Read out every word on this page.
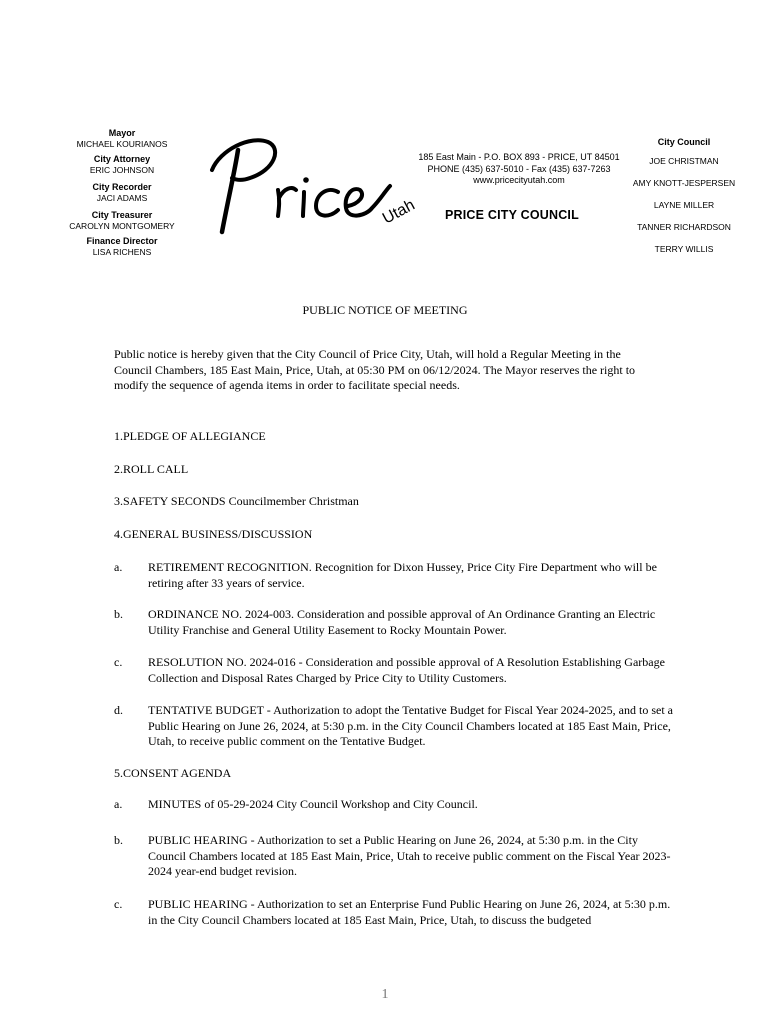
Mayor
MICHAEL KOURIANOS
City Attorney
ERIC JOHNSON
City Recorder
JACI ADAMS
City Treasurer
CAROLYN MONTGOMERY
Finance Director
LISA RICHENS
Utah
185 East Main - P.O. BOX 893 - PRICE, UT 84501
PHONE (435) 637-5010 - Fax (435) 637-7263
www.pricecityutah.com
PRICE CITY COUNCIL
City Council
JOE CHRISTMAN
AMY KNOTT-JESPERSEN
LAYNE MILLER
TANNER RICHARDSON
TERRY WILLIS
PUBLIC NOTICE OF MEETING
Public notice is hereby given that the City Council of Price City, Utah, will hold a Regular Meeting in the Council Chambers, 185 East Main, Price, Utah, at 05:30 PM on 06/12/2024. The Mayor reserves the right to modify the sequence of agenda items in order to facilitate special needs.
1.PLEDGE OF ALLEGIANCE
2.ROLL CALL
3.SAFETY SECONDS Councilmember Christman
4.GENERAL BUSINESS/DISCUSSION
a. RETIREMENT RECOGNITION. Recognition for Dixon Hussey, Price City Fire Department who will be retiring after 33 years of service.
b. ORDINANCE NO. 2024-003. Consideration and possible approval of An Ordinance Granting an Electric Utility Franchise and General Utility Easement to Rocky Mountain Power.
c. RESOLUTION NO. 2024-016 - Consideration and possible approval of A Resolution Establishing Garbage Collection and Disposal Rates Charged by Price City to Utility Customers.
d. TENTATIVE BUDGET - Authorization to adopt the Tentative Budget for Fiscal Year 2024-2025, and to set a Public Hearing on June 26, 2024, at 5:30 p.m. in the City Council Chambers located at 185 East Main, Price, Utah, to receive public comment on the Tentative Budget.
5.CONSENT AGENDA
a. MINUTES of 05-29-2024 City Council Workshop and City Council.
b. PUBLIC HEARING - Authorization to set a Public Hearing on June 26, 2024, at 5:30 p.m. in the City Council Chambers located at 185 East Main, Price, Utah to receive public comment on the Fiscal Year 2023-2024 year-end budget revision.
c. PUBLIC HEARING - Authorization to set an Enterprise Fund Public Hearing on June 26, 2024, at 5:30 p.m. in the City Council Chambers located at 185 East Main, Price, Utah, to discuss the budgeted
1
